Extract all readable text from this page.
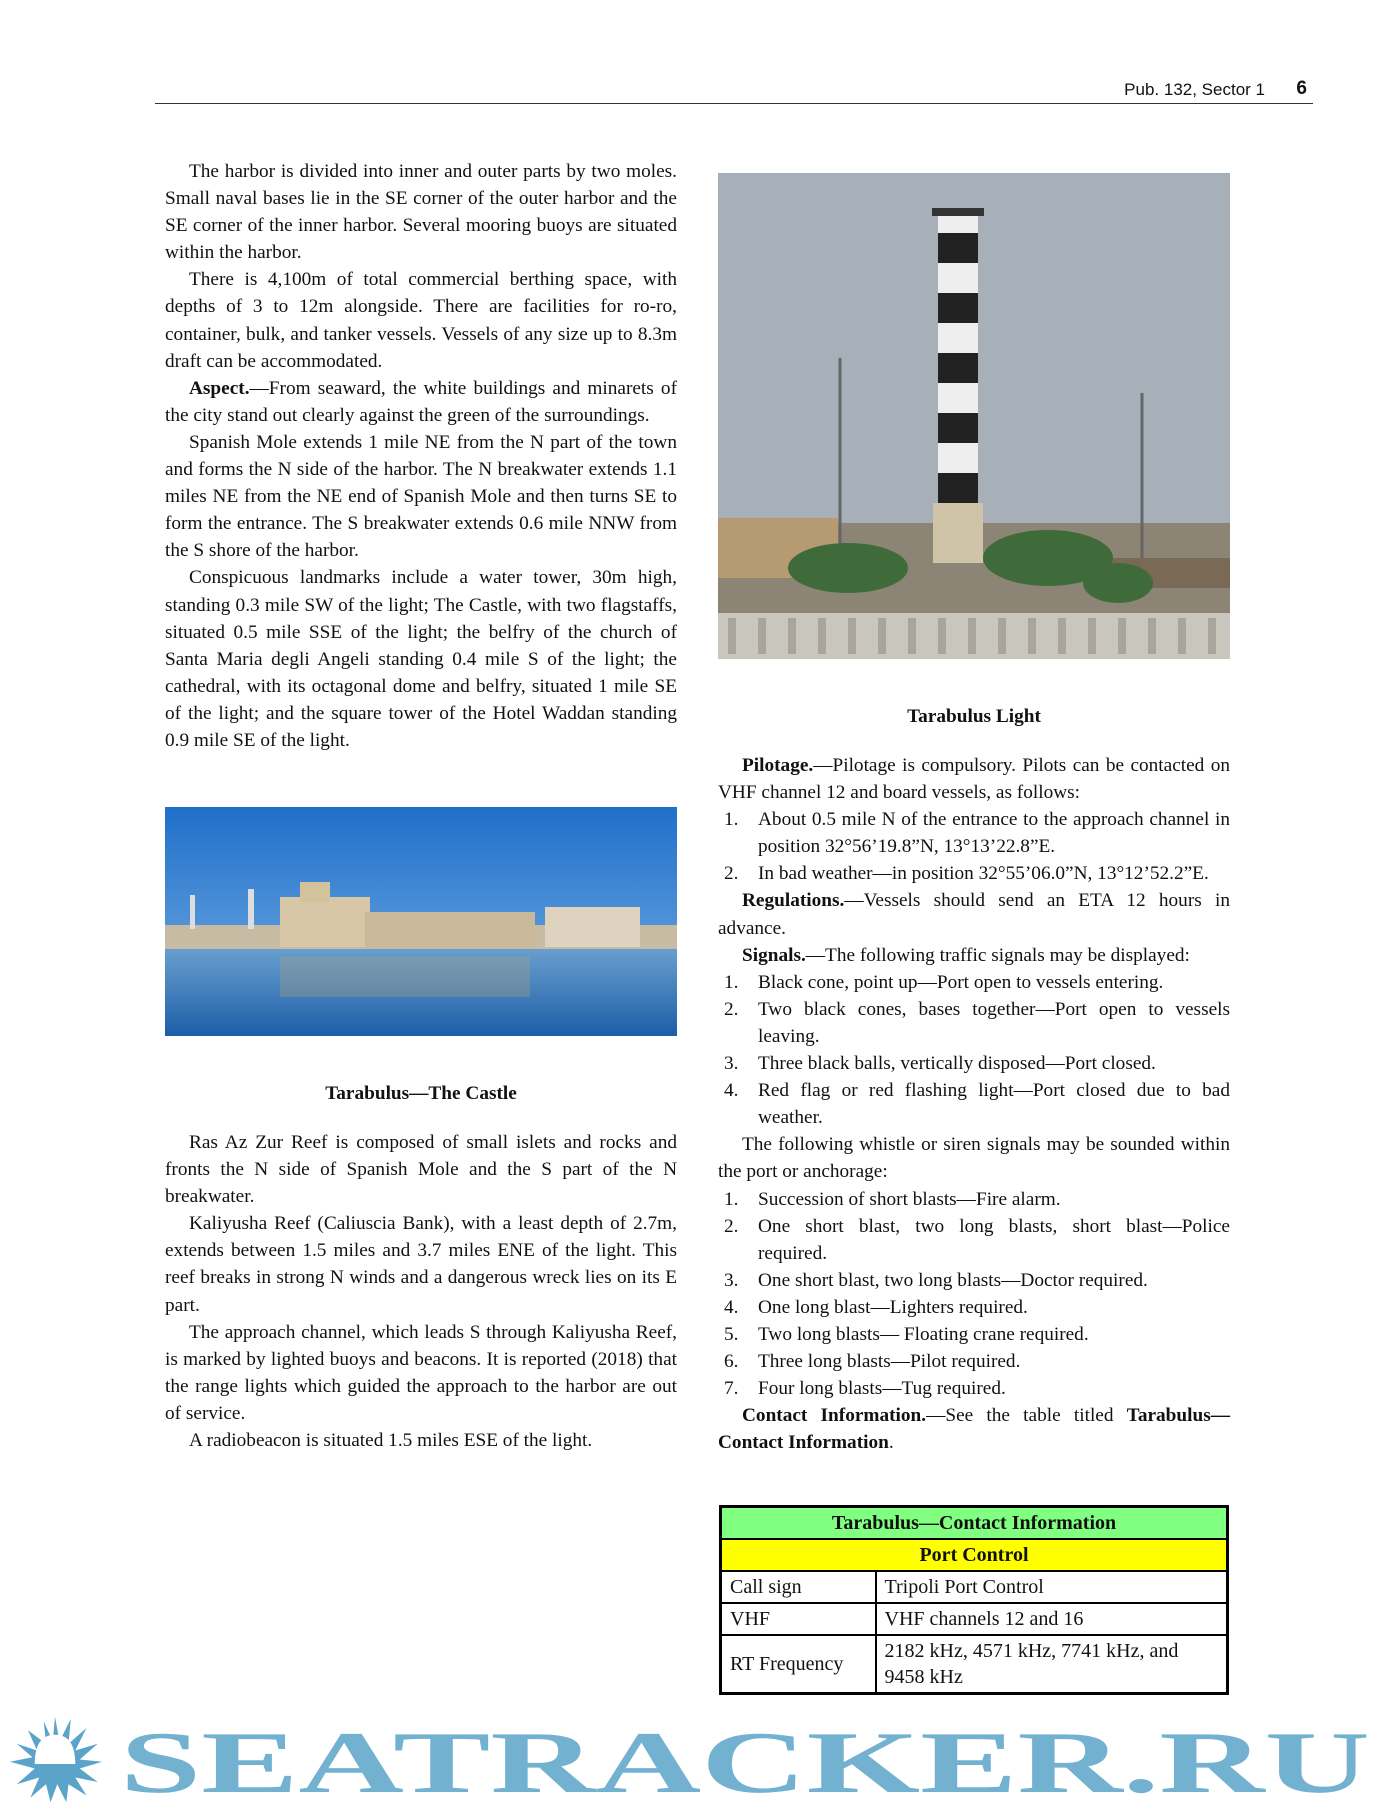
Pub. 132, Sector 1 6

The harbor is divided into inner and outer parts by two moles. Small naval bases lie in the SE corner of the outer harbor and the SE corner of the inner harbor. Several mooring buoys are situated within the harbor.

There is 4,100m of total commercial berthing space, with depths of 3 to 12m alongside. There are facilities for ro-ro, container, bulk, and tanker vessels. Vessels of any size up to 8.3m draft can be accommodated.

Aspect.—From seaward, the white buildings and minarets of the city stand out clearly against the green of the surroundings.

Spanish Mole extends 1 mile NE from the N part of the town and forms the N side of the harbor. The N breakwater extends 1.1 miles NE from the NE end of Spanish Mole and then turns SE to form the entrance. The S breakwater extends 0.6 mile NNW from the S shore of the harbor.

Conspicuous landmarks include a water tower, 30m high, standing 0.3 mile SW of the light; The Castle, with two flagstaffs, situated 0.5 mile SSE of the light; the belfry of the church of Santa Maria degli Angeli standing 0.4 mile S of the light; the cathedral, with its octagonal dome and belfry, situated 1 mile SE of the light; and the square tower of the Hotel Waddan standing 0.9 mile SE of the light.

Tarabulus—The Castle

Ras Az Zur Reef is composed of small islets and rocks and fronts the N side of Spanish Mole and the S part of the N breakwater.

Kaliyusha Reef (Caliuscia Bank), with a least depth of 2.7m, extends between 1.5 miles and 3.7 miles ENE of the light. This reef breaks in strong N winds and a dangerous wreck lies on its E part.

The approach channel, which leads S through Kaliyusha Reef, is marked by lighted buoys and beacons. It is reported (2018) that the range lights which guided the approach to the harbor are out of service.

A radiobeacon is situated 1.5 miles ESE of the light.

Tarabulus Light

Pilotage.—Pilotage is compulsory. Pilots can be contacted on VHF channel 12 and board vessels, as follows:

1. About 0.5 mile N of the entrance to the approach channel in position 32°56’19.8”N, 13°13’22.8”E.
2. In bad weather—in position 32°55’06.0”N, 13°12’52.2”E.

Regulations.—Vessels should send an ETA 12 hours in advance.

Signals.—The following traffic signals may be displayed:

1. Black cone, point up—Port open to vessels entering.
2. Two black cones, bases together—Port open to vessels leaving.
3. Three black balls, vertically disposed—Port closed.
4. Red flag or red flashing light—Port closed due to bad weather.

The following whistle or siren signals may be sounded within the port or anchorage:

1. Succession of short blasts—Fire alarm.
2. One short blast, two long blasts, short blast—Police required.
3. One short blast, two long blasts—Doctor required.
4. One long blast—Lighters required.
5. Two long blasts— Floating crane required.
6. Three long blasts—Pilot required.
7. Four long blasts—Tug required.

Contact Information.—See the table titled Tarabulus—Contact Information.

Tarabulus—Contact Information	
Port Control	
Call sign	Tripoli Port Control
VHF	VHF channels 12 and 16
RT Frequency	2182 kHz, 4571 kHz, 7741 kHz, and 9458 kHz
SEATRACKER.RU
